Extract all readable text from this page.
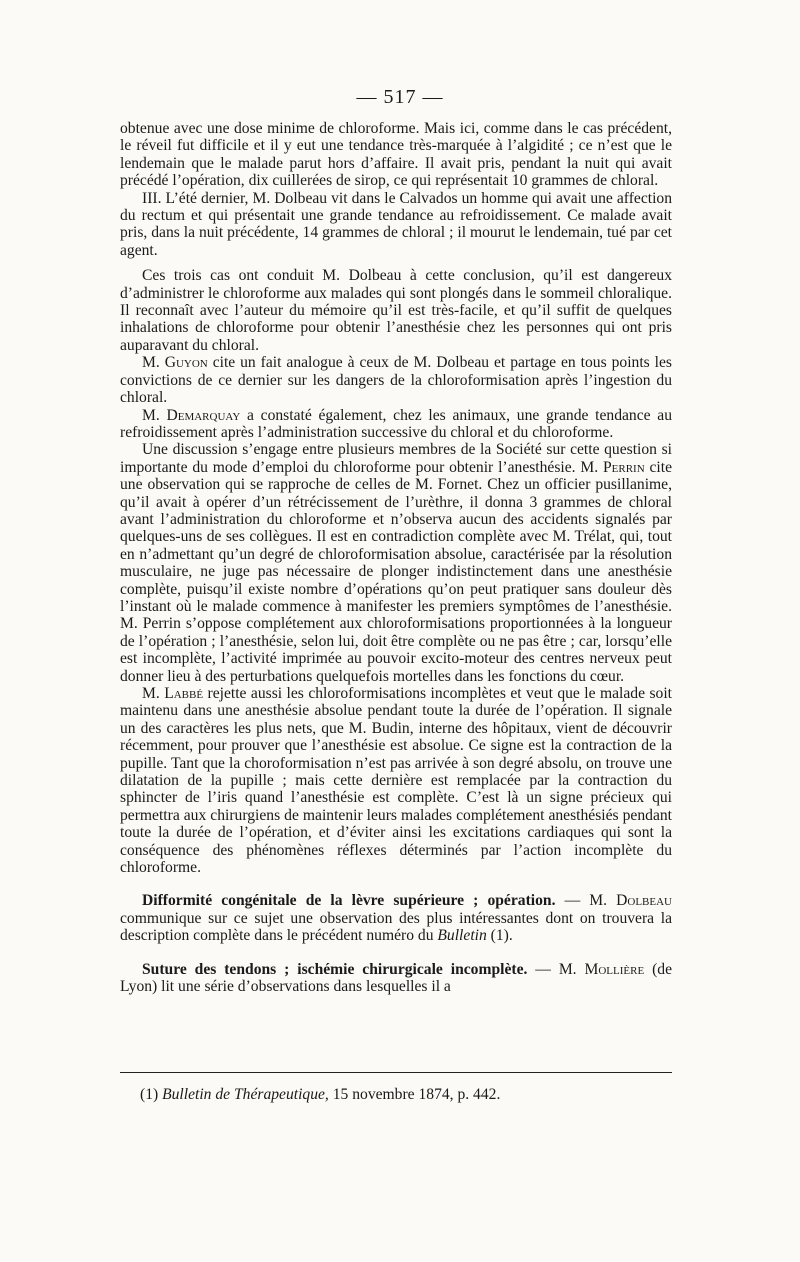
— 517 —

obtenue avec une dose minime de chloroforme. Mais ici, comme dans le cas précédent, le réveil fut difficile et il y eut une tendance très-marquée à l’algidité ; ce n’est que le lendemain que le malade parut hors d’affaire. Il avait pris, pendant la nuit qui avait précédé l’opération, dix cuillerées de sirop, ce qui représentait 10 grammes de chloral.

III. L’été dernier, M. Dolbeau vit dans le Calvados un homme qui avait une affection du rectum et qui présentait une grande tendance au refroidissement. Ce malade avait pris, dans la nuit précédente, 14 grammes de chloral ; il mourut le lendemain, tué par cet agent.

Ces trois cas ont conduit M. Dolbeau à cette conclusion, qu’il est dangereux d’administrer le chloroforme aux malades qui sont plongés dans le sommeil chloralique. Il reconnaît avec l’auteur du mémoire qu’il est très-facile, et qu’il suffit de quelques inhalations de chloroforme pour obtenir l’anesthésie chez les personnes qui ont pris auparavant du chloral.

M. Guyon cite un fait analogue à ceux de M. Dolbeau et partage en tous points les convictions de ce dernier sur les dangers de la chloroformisation après l’ingestion du chloral.

M. Demarquay a constaté également, chez les animaux, une grande tendance au refroidissement après l’administration successive du chloral et du chloroforme.

Une discussion s’engage entre plusieurs membres de la Société sur cette question si importante du mode d’emploi du chloroforme pour obtenir l’anesthésie. M. Perrin cite une observation qui se rapproche de celles de M. Fornet. Chez un officier pusillanime, qu’il avait à opérer d’un rétrécissement de l’urèthre, il donna 3 grammes de chloral avant l’administration du chloroforme et n’observa aucun des accidents signalés par quelques-uns de ses collègues. Il est en contradiction complète avec M. Trélat, qui, tout en n’admettant qu’un degré de chloroformisation absolue, caractérisée par la résolution musculaire, ne juge pas nécessaire de plonger indistinctement dans une anesthésie complète, puisqu’il existe nombre d’opérations qu’on peut pratiquer sans douleur dès l’instant où le malade commence à manifester les premiers symptômes de l’anesthésie. M. Perrin s’oppose complétement aux chloroformisations proportionnées à la longueur de l’opération ; l’anesthésie, selon lui, doit être complète ou ne pas être ; car, lorsqu’elle est incomplète, l’activité imprimée au pouvoir excito-moteur des centres nerveux peut donner lieu à des perturbations quelquefois mortelles dans les fonctions du cœur.

M. Labbé rejette aussi les chloroformisations incomplètes et veut que le malade soit maintenu dans une anesthésie absolue pendant toute la durée de l’opération. Il signale un des caractères les plus nets, que M. Budin, interne des hôpitaux, vient de découvrir récemment, pour prouver que l’anesthésie est absolue. Ce signe est la contraction de la pupille. Tant que la choroformisation n’est pas arrivée à son degré absolu, on trouve une dilatation de la pupille ; mais cette dernière est remplacée par la contraction du sphincter de l’iris quand l’anesthésie est complète. C’est là un signe précieux qui permettra aux chirurgiens de maintenir leurs malades complétement anesthésiés pendant toute la durée de l’opération, et d’éviter ainsi les excitations cardiaques qui sont la conséquence des phénomènes réflexes déterminés par l’action incomplète du chloroforme.

Difformité congénitale de la lèvre supérieure ; opération. — M. Dolbeau communique sur ce sujet une observation des plus intéressantes dont on trouvera la description complète dans le précédent numéro du Bulletin (1).

Suture des tendons ; ischémie chirurgicale incomplète. — M. Mollière (de Lyon) lit une série d’observations dans lesquelles il a

(1) Bulletin de Thérapeutique, 15 novembre 1874, p. 442.
